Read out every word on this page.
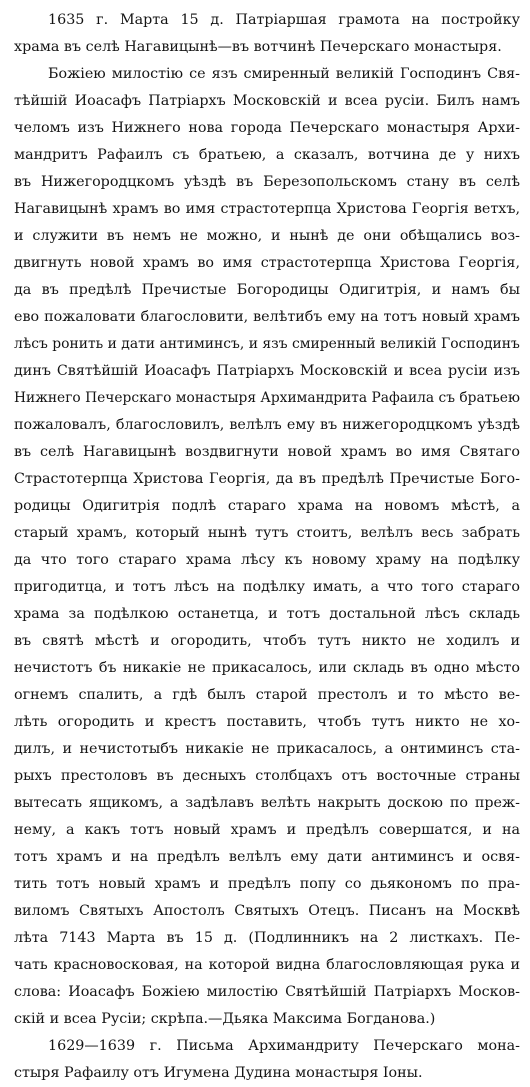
1635 г. Марта 15 д. Патріаршая грамота на постройку
храма въ селѣ Нагавицынѣ—въ вотчинѣ Печерскаго монастыря.
Божіею милостію се язъ смиренный великій Господинъ Свя-
тѣйшій Иоасафъ Патріархъ Московскій и всеа русіи. Билъ намъ
челомъ изъ Нижнего нова города Печерскаго монастыря Архи-
мандритъ Рафаилъ съ братьею, а сказалъ, вотчина де у нихъ
въ Нижегородцкомъ уѣздѣ въ Березопольскомъ стану въ селѣ
Нагавицынѣ храмъ во имя страстотерпца Христова Георгія ветхъ,
и служити въ немъ не можно, и нынѣ де они обѣщались воз-
двигнуть новой храмъ во имя страстотерпца Христова Георгія,
да въ предѣлѣ Пречистые Богородицы Одигитрія, и намъ бы
ево пожаловати благословити, велѣтибъ ему на тотъ новый храмъ
лѣсъ ронить и дати антиминсъ, и язъ смиренный великій Господинъ
динъ Святѣйшій Иоасафъ Патріархъ Московскій и всеа русіи изъ
Нижнего Печерскаго монастыря Архимандрита Рафаила съ братьею
пожаловалъ, благословилъ, велѣлъ ему въ нижегородцкомъ уѣздѣ
въ селѣ Нагавицынѣ воздвигнути новой храмъ во имя Святаго
Страстотерпца Христова Георгія, да въ предѣлѣ Пречистые Бого-
родицы Одигитрія подлѣ стараго храма на новомъ мѣстѣ, а
старый храмъ, который нынѣ тутъ стоитъ, велѣлъ весь забрать
да что того стараго храма лѣсу къ новому храму на подѣлку
пригодитца, и тотъ лѣсъ на подѣлку имать, а что того стараго
храма за подѣлкою останетца, и тотъ достальной лѣсъ складь
въ святѣ мѣстѣ и огородить, чтобъ тутъ никто не ходилъ и
нечистотъ бъ никакіе не прикасалось, или складь въ одно мѣсто
огнемъ спалить, а гдѣ былъ старой престолъ и то мѣсто ве-
лѣть огородить и крестъ поставить, чтобъ тутъ никто не хо-
дилъ, и нечистотыбъ никакіе не прикасалось, а онтиминсъ ста-
рыхъ престоловъ въ десныхъ столбцахъ отъ восточные страны
вытесать ящикомъ, а задѣлавъ велѣть накрыть доскою по преж-
нему, а какъ тотъ новый храмъ и предѣлъ совершатся, и на
тотъ храмъ и на предѣлъ велѣлъ ему дати антиминсъ и освя-
тить тотъ новый храмъ и предѣлъ попу со дьякономъ по пра-
виломъ Святыхъ Апостолъ Святыхъ Отецъ. Писанъ на Москвѣ
лѣта 7143 Марта въ 15 д. (Подлинникъ на 2 листкахъ. Пе-
чать красновосковая, на которой видна благословляющая рука и
слова: Иоасафъ Божіею милостію Святѣйшій Патріархъ Москов-
скій и всеа Русіи; скрѣпа.—Дьяка Максима Богданова.)
1629—1639 г. Письма Архимандриту Печерскаго мона-
стыря Рафаилу отъ Игумена Дудина монастыря Іоны.
